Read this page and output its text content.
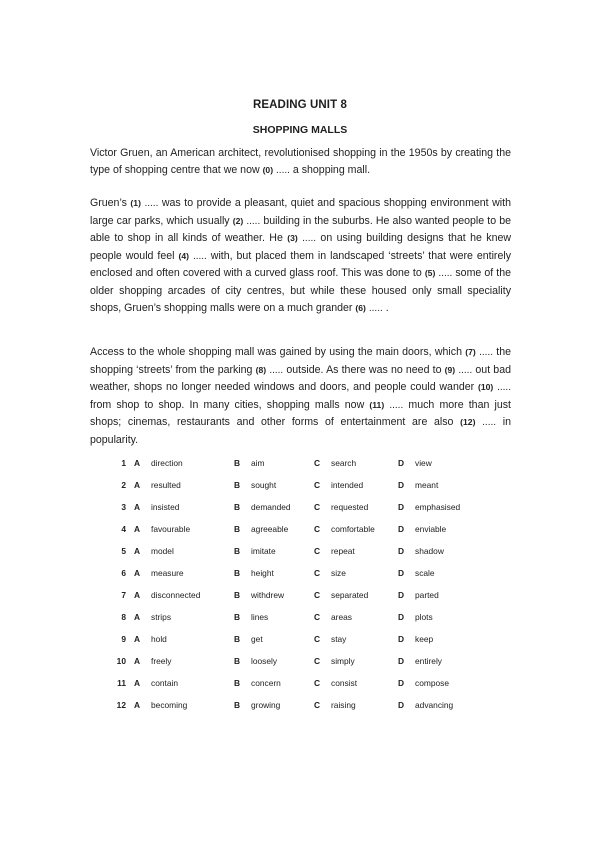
READING UNIT 8
SHOPPING MALLS

Victor Gruen, an American architect, revolutionised shopping in the 1950s by creating the type of shopping centre that we now (0) ..... a shopping mall.

Gruen’s (1) ..... was to provide a pleasant, quiet and spacious shopping environment with large car parks, which usually (2) ..... building in the suburbs. He also wanted people to be able to shop in all kinds of weather. He (3) ..... on using building designs that he knew people would feel (4) ..... with, but placed them in landscaped ‘streets’ that were entirely enclosed and often covered with a curved glass roof. This was done to (5) ..... some of the older shopping arcades of city centres, but while these housed only small speciality shops, Gruen’s shopping malls were on a much grander (6) ..... .

Access to the whole shopping mall was gained by using the main doors, which (7) ..... the shopping ‘streets’ from the parking (8) ..... outside. As there was no need to (9) ..... out bad weather, shops no longer needed windows and doors, and people could wander (10) ..... from shop to shop. In many cities, shopping malls now (11) ..... much more than just shops; cinemas, restaurants and other forms of entertainment are also (12) ..... in popularity.

1 A direction	B aim	C search	D view
2 A resulted	B sought	C intended	D meant
3 A insisted	B demanded	C requested	D emphasised
4 A favourable	B agreeable	C comfortable	D enviable
5 A model	B imitate	C repeat	D shadow
6 A measure	B height	C size	D scale
7 A disconnected	B withdrew	C separated	D parted
8 A strips	B lines	C areas	D plots
9 A hold	B get	C stay	D keep
10 A freely	B loosely	C simply	D entirely
11 A contain	B concern	C consist	D compose
12 A becoming	B growing	C raising	D advancing
